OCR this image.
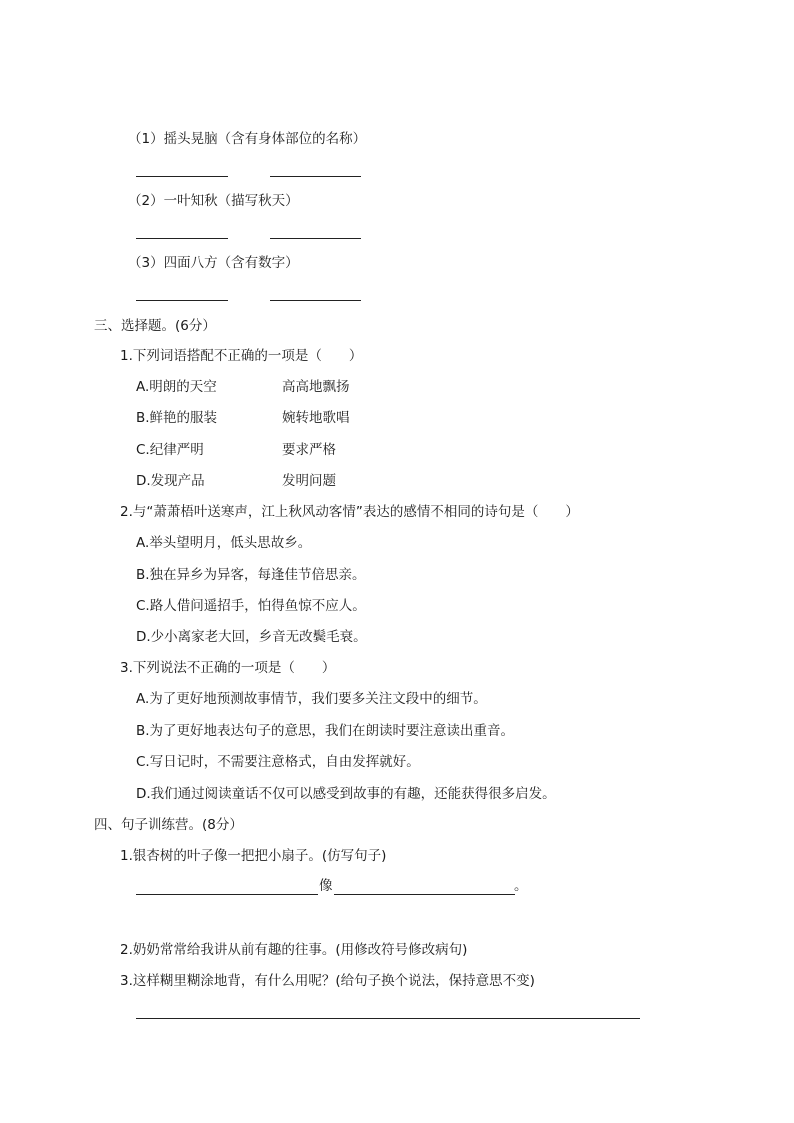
（1）摇头晃脑（含有身体部位的名称）
（2）一叶知秋（描写秋天）
（3）四面八方（含有数字）
三、选择题。(6分）
1.下列词语搭配不正确的一项是（　　）
A.明朗的天空	高高地飘扬
B.鲜艳的服装	婉转地歌唱
C.纪律严明	要求严格
D.发现产品	发明问题
2.与“萧萧梧叶送寒声，江上秋风动客情”表达的感情不相同的诗句是（　　）
A.举头望明月，低头思故乡。
B.独在异乡为异客，每逢佳节倍思亲。
C.路人借问遥招手，怕得鱼惊不应人。
D.少小离家老大回，乡音无改鬓毛衰。
3.下列说法不正确的一项是（　　）
A.为了更好地预测故事情节，我们要多关注文段中的细节。
B.为了更好地表达句子的意思，我们在朗读时要注意读出重音。
C.写日记时，不需要注意格式，自由发挥就好。
D.我们通过阅读童话不仅可以感受到故事的有趣，还能获得很多启发。
四、句子训练营。(8分）
1.银杏树的叶子像一把把小扇子。(仿写句子)
像	。
2.奶奶常常给我讲从前有趣的往事。(用修改符号修改病句)
3.这样糊里糊涂地背，有什么用呢？(给句子换个说法，保持意思不变)
